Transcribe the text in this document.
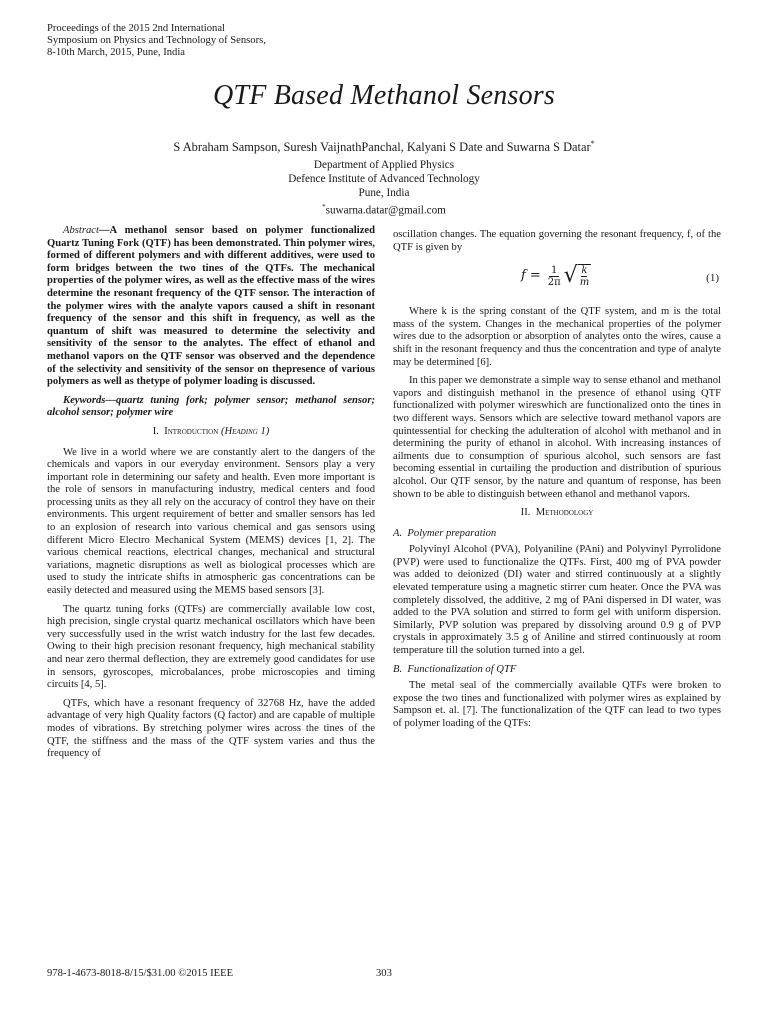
Proceedings of the 2015 2nd International
Symposium on Physics and Technology of Sensors,
8-10th March, 2015, Pune, India
QTF Based Methanol Sensors
S Abraham Sampson, Suresh VaijnathPanchal, Kalyani S Date and Suwarna S Datar*
Department of Applied Physics
Defence Institute of Advanced Technology
Pune, India
*suwarna.datar@gmail.com

Abstract—A methanol sensor based on polymer functionalized Quartz Tuning Fork (QTF) has been demonstrated. Thin polymer wires, formed of different polymers and with different additives, were used to form bridges between the two tines of the QTFs. The mechanical properties of the polymer wires, as well as the effective mass of the wires determine the resonant frequency of the QTF sensor. The interaction of the polymer wires with the analyte vapors caused a shift in resonant frequency of the sensor and this shift in frequency, as well as the quantum of shift was measured to determine the selectivity and sensitivity of the sensor to the analytes. The effect of ethanol and methanol vapors on the QTF sensor was observed and the dependence of the selectivity and sensitivity of the sensor on thepresence of various polymers as well as thetype of polymer loading is discussed.

Keywords—quartz tuning fork; polymer sensor; methanol sensor; alcohol sensor; polymer wire

I. Introduction (Heading 1)

We live in a world where we are constantly alert to the dangers of the chemicals and vapors in our everyday environment. Sensors play a very important role in determining our safety and health. Even more important is the role of sensors in manufacturing industry, medical centers and food processing units as they all rely on the accuracy of control they have on their environments. This urgent requirement of better and smaller sensors has led to an explosion of research into various chemical and gas sensors using different Micro Electro Mechanical System (MEMS) devices [1, 2]. The various chemical reactions, electrical changes, mechanical and structural variations, magnetic disruptions as well as biological processes which are used to study the intricate shifts in atmospheric gas concentrations can be easily detected and measured using the MEMS based sensors [3].

The quartz tuning forks (QTFs) are commercially available low cost, high precision, single crystal quartz mechanical oscillators which have been very successfully used in the wrist watch industry for the last few decades. Owing to their high precision resonant frequency, high mechanical stability and near zero thermal deflection, they are extremely good candidates for use in sensors, gyroscopes, microbalances, probe microscopies and timing circuits [4, 5].

QTFs, which have a resonant frequency of 32768 Hz, have the added advantage of very high Quality factors (Q factor) and are capable of multiple modes of vibrations. By stretching polymer wires across the tines of the QTF, the stiffness and the mass of the QTF system varies and thus the frequency of

oscillation changes. The equation governing the resonant frequency, f, of the QTF is given by

$f = \frac{1}{2\pi}$ √ $\frac{k}{m}$	(1)

Where k is the spring constant of the QTF system, and m is the total mass of the system. Changes in the mechanical properties of the polymer wires due to the adsorption or absorption of analytes onto the wires, cause a shift in the resonant frequency and thus the concentration and type of analyte may be determined [6].

In this paper we demonstrate a simple way to sense ethanol and methanol vapors and distinguish methanol in the presence of ethanol using QTF functionalized with polymer wireswhich are functionalized onto the tines in two different ways. Sensors which are selective toward methanol vapors are quintessential for checking the adulteration of alcohol with methanol and in determining the purity of ethanol in alcohol. With increasing instances of ailments due to consumption of spurious alcohol, such sensors are fast becoming essential in curtailing the production and distribution of spurious alcohol. Our QTF sensor, by the nature and quantum of response, has been shown to be able to distinguish between ethanol and methanol vapors.

II. Methodology
A. Polymer preparation

Polyvinyl Alcohol (PVA), Polyaniline (PAni) and Polyvinyl Pyrrolidone (PVP) were used to functionalize the QTFs. First, 400 mg of PVA powder was added to deionized (DI) water and stirred continuously at a slightly elevated temperature using a magnetic stirrer cum heater. Once the PVA was completely dissolved, the additive, 2 mg of PAni dispersed in DI water, was added to the PVA solution and stirred to form gel with uniform dispersion. Similarly, PVP solution was prepared by dissolving around 0.9 g of PVP crystals in approximately 3.5 g of Aniline and stirred continuously at room temperature till the solution turned into a gel.

B. Functionalization of QTF

The metal seal of the commercially available QTFs were broken to expose the two tines and functionalized with polymer wires as explained by Sampson et. al. [7]. The functionalization of the QTF can lead to two types of polymer loading of the QTFs:

978-1-4673-8018-8/15/$31.00 ©2015 IEEE	303
